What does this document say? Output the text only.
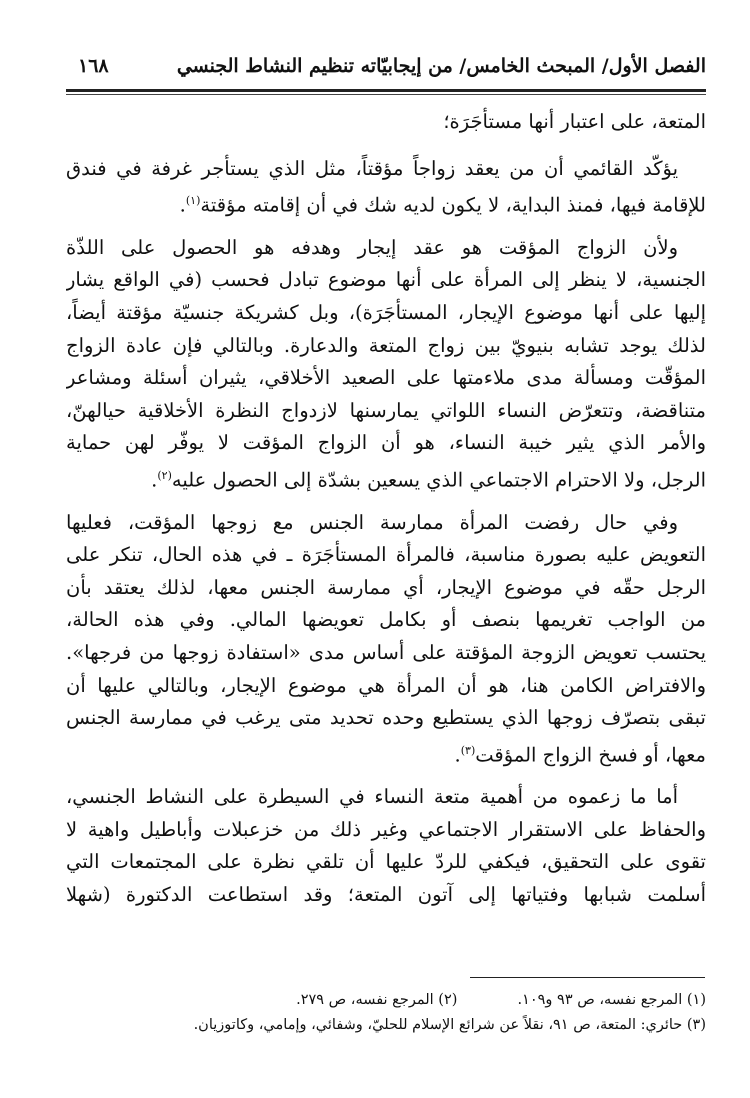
الفصل الأول/ المبحث الخامس/ من إيجابيّاته تنظيم النشاط الجنسي
١٦٨
المتعة، على اعتبار أنها مستأجَرَة؛
يؤكّد القائمي أن من يعقد زواجاً مؤقتاً، مثل الذي يستأجر غرفة في فندق
للإقامة فيها، فمنذ البداية، لا يكون لديه شك في أن إقامته مؤقتة$^{(١)}$.
ولأن الزواج المؤقت هو عقد إيجار وهدفه هو الحصول على اللذّة
الجنسية، لا ينظر إلى المرأة على أنها موضوع تبادل فحسب (في الواقع يشار
إليها على أنها موضوع الإيجار، المستأجَرَة)، وبل كشريكة جنسيّة مؤقتة أيضاً،
لذلك يوجد تشابه بنيويّ بين زواج المتعة والدعارة. وبالتالي فإن عادة الزواج
المؤقّت ومسألة مدى ملاءمتها على الصعيد الأخلاقي، يثيران أسئلة ومشاعر
متناقضة، وتتعرّض النساء اللواتي يمارسنها لازدواج النظرة الأخلاقية حيالهنّ،
والأمر الذي يثير خيبة النساء، هو أن الزواج المؤقت لا يوفّر لهن حماية
الرجل، ولا الاحترام الاجتماعي الذي يسعين بشدّة إلى الحصول عليه$^{(٢)}$.
وفي حال رفضت المرأة ممارسة الجنس مع زوجها المؤقت، فعليها
التعويض عليه بصورة مناسبة، فالمرأة المستأجَرَة ـ في هذه الحال، تنكر على
الرجل حقّه في موضوع الإيجار، أي ممارسة الجنس معها، لذلك يعتقد بأن
من الواجب تغريمها بنصف أو بكامل تعويضها المالي. وفي هذه الحالة،
يحتسب تعويض الزوجة المؤقتة على أساس مدى «استفادة زوجها من فرجها».
والافتراض الكامن هنا، هو أن المرأة هي موضوع الإيجار، وبالتالي عليها أن
تبقى بتصرّف زوجها الذي يستطيع وحده تحديد متى يرغب في ممارسة الجنس
معها، أو فسخ الزواج المؤقت$^{(٣)}$.
أما ما زعموه من أهمية متعة النساء في السيطرة على النشاط الجنسي،
والحفاظ على الاستقرار الاجتماعي وغير ذلك من خزعبلات وأباطيل واهية لا
تقوى على التحقيق، فيكفي للردّ عليها أن تلقي نظرة على المجتمعات التي
أسلمت شبابها وفتياتها إلى آتون المتعة؛ وقد استطاعت الدكتورة (شهلا
(١) المرجع نفسه، ص ٩٣ و١٠٩.(٢) المرجع نفسه، ص ٢٧٩.
(٣) حائري: المتعة، ص ٩١، نقلاً عن شرائع الإسلام للحليّ، وشفائي، وإمامي، وكاتوزيان.
